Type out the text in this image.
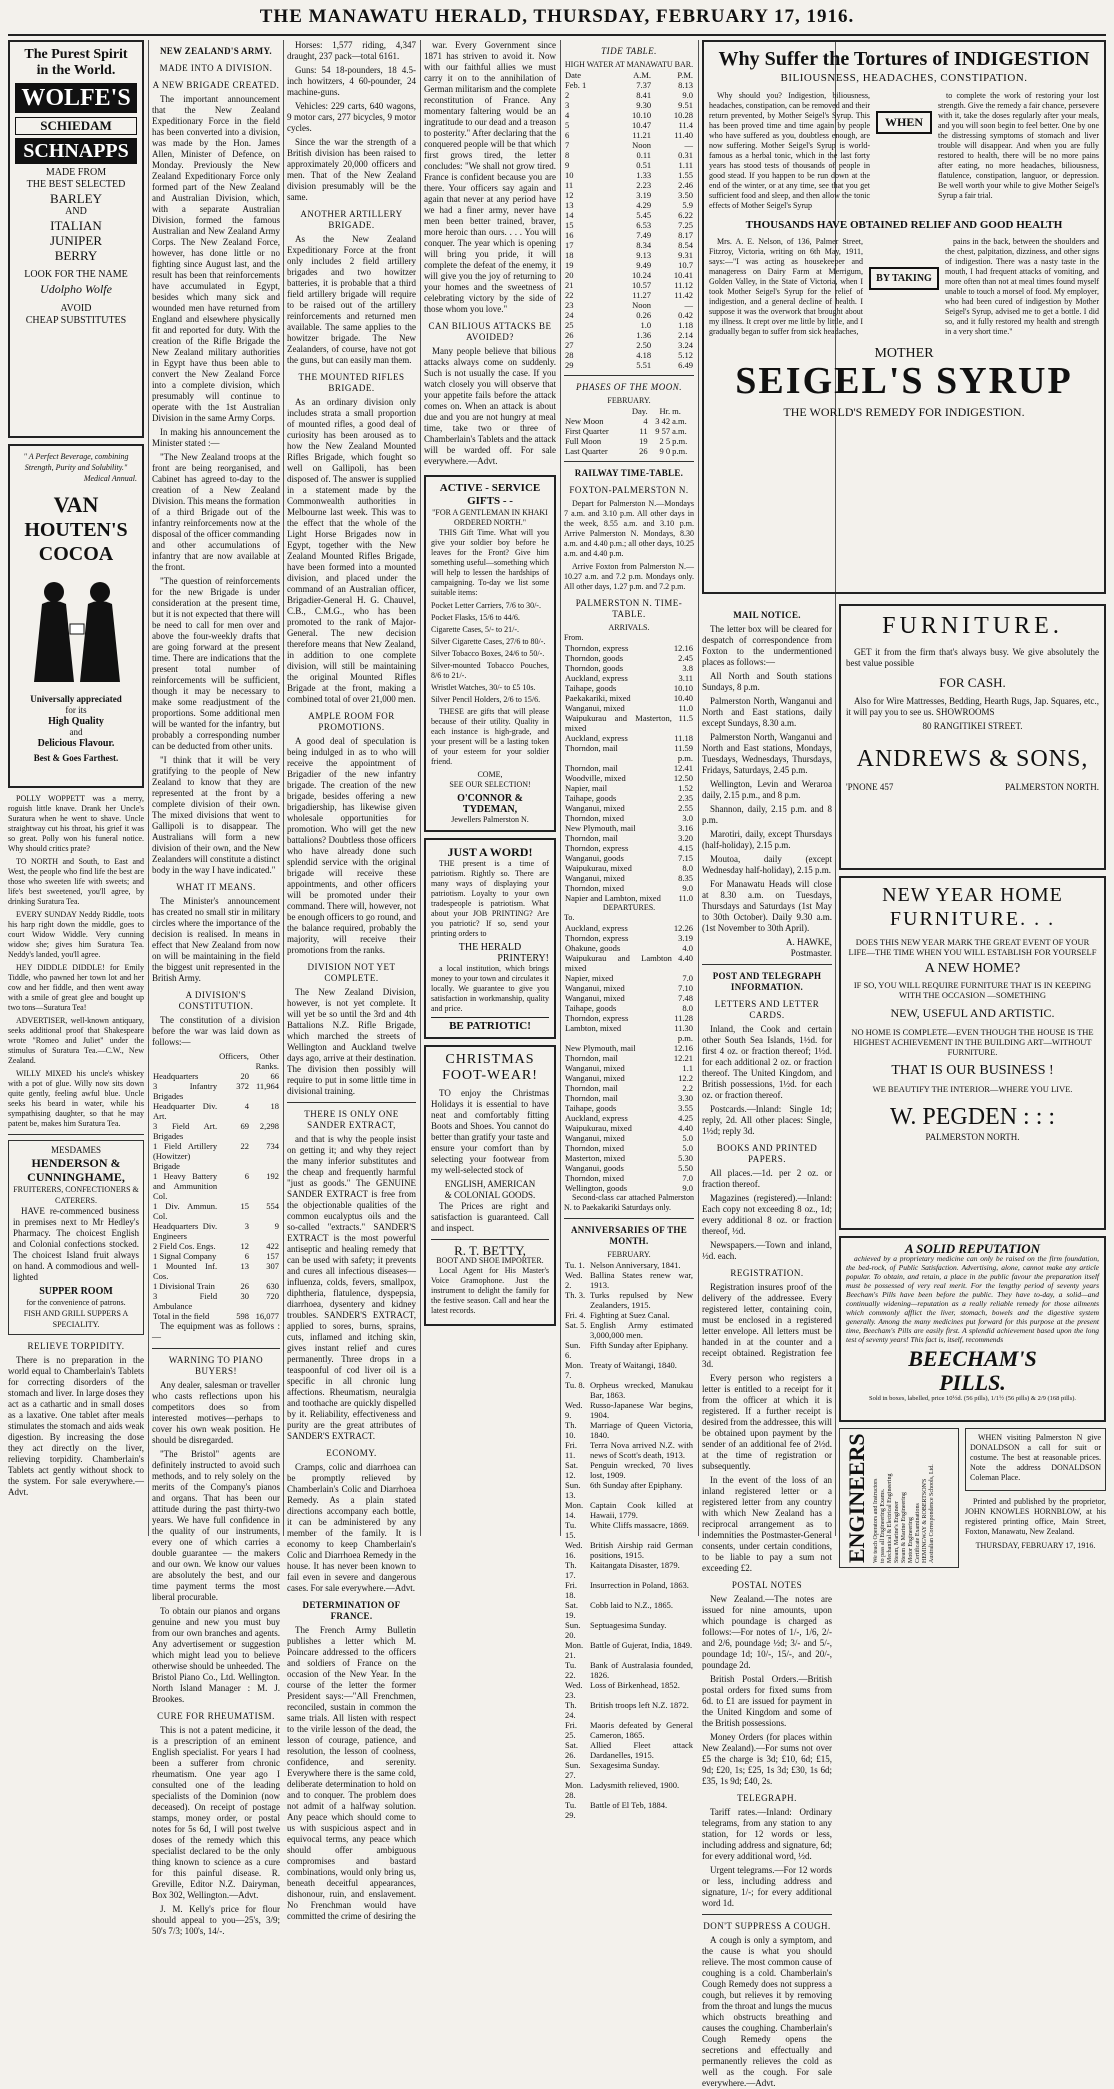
THE MANAWATU HERALD, THURSDAY, FEBRUARY 17, 1916.
The Purest Spirit
in the World.
WOLFE'S
SCHIEDAM
SCHNAPPS
MADE FROM
THE BEST SELECTED
BARLEY
AND
ITALIAN
JUNIPER
BERRY
LOOK FOR THE NAME
Udolpho Wolfe
AVOID
CHEAP SUBSTITUTES
" A Perfect Beverage, combining Strength, Purity and Solubility."
Medical Annual.
VAN
HOUTEN'S
COCOA
Universally appreciated
for its
High Quality
and
Delicious Flavour.
Best & Goes Farthest.

POLLY WOPPETT was a merry, roguish little knave. Drank her Uncle's Suratura when he went to shave. Uncle straightway cut his throat, his grief it was so great. Polly won his funeral notice. Why should critics prate?

TO NORTH and South, to East and West, the people who find life the best are those who sweeten life with sweets; and life's best sweetened, you'll agree, by drinking Suratura Tea.

EVERY SUNDAY Neddy Riddle, toots his harp right down the middle, goes to court Widow Widdle. Very cunning widow she; gives him Suratura Tea. Neddy's landed, you'll agree.

HEY DIDDLE DIDDLE! for Emily Tiddle, who pawned her town lot and her cow and her fiddle, and then went away with a smile of great glee and bought up two tons—Suratura Tea!

ADVERTISER, well-known antiquary, seeks additional proof that Shakespeare wrote "Romeo and Juliet" under the stimulus of Suratura Tea.—C.W., New Zealand.

WILLY MIXED his uncle's whiskey with a pot of glue. Willy now sits down quite gently, feeling awful blue. Uncle seeks his beard in water, while his sympathising daughter, so that he may patent be, makes him Suratura Tea.

MESDAMES
HENDERSON &
CUNNINGHAME,
FRUITERERS, CONFECTIONERS & CATERERS.

HAVE re-commenced business in premises next to Mr Hedley's Pharmacy. The choicest English and Colonial confections stocked. The choicest Island fruit always on hand. A commodious and well-lighted

SUPPER ROOM
for the convenience of patrons.
FISH AND GRILL SUPPERS A SPECIALITY.
RELIEVE TORPIDITY.

There is no preparation in the world equal to Chamberlain's Tablets for correcting disorders of the stomach and liver. In large doses they act as a cathartic and in small doses as a laxative. One tablet after meals stimulates the stomach and aids weak digestion. By increasing the dose they act directly on the liver, relieving torpidity. Chamberlain's Tablets act gently without shock to the system. For sale everywhere.—Advt.

NEW ZEALAND'S ARMY.
MADE INTO A DIVISION.
A NEW BRIGADE CREATED.

The important announcement that the New Zealand Expeditionary Force in the field has been converted into a division, was made by the Hon. James Allen, Minister of Defence, on Monday. Previously the New Zealand Expeditionary Force only formed part of the New Zealand and Australian Division, which, with a separate Australian Division, formed the famous Australian and New Zealand Army Corps. The New Zealand Force, however, has done little or no fighting since August last, and the result has been that reinforcements have accumulated in Egypt, besides which many sick and wounded men have returned from England and elsewhere physically fit and reported for duty. With the creation of the Rifle Brigade the New Zealand military authorities in Egypt have thus been able to convert the New Zealand Force into a complete division, which presumably will continue to operate with the 1st Australian Division in the same Army Corps.

In making his announcement the Minister stated :—

"The New Zealand troops at the front are being reorganised, and Cabinet has agreed to-day to the creation of a New Zealand Division. This means the formation of a third Brigade out of the infantry reinforcements now at the disposal of the officer commanding and other accumulations of infantry that are now available at the front.

"The question of reinforcements for the new Brigade is under consideration at the present time, but it is not expected that there will be need to call for men over and above the four-weekly drafts that are going forward at the present time. There are indications that the present total number of reinforcements will be sufficient, though it may be necessary to make some readjustment of the proportions. Some additional men will be wanted for the infantry, but probably a corresponding number can be deducted from other units.

"I think that it will be very gratifying to the people of New Zealand to know that they are represented at the front by a complete division of their own. The mixed divisions that went to Gallipoli is to disappear. The Australians will form a new division of their own, and the New Zealanders will constitute a distinct body in the way I have indicated."

WHAT IT MEANS.

The Minister's announcement has created no small stir in military circles where the importance of the decision is realised. In means in effect that New Zealand from now on will be maintaining in the field the biggest unit represented in the British Army.

A DIVISION'S CONSTITUTION.

The constitution of a division before the war was laid down as follows:—

	Officers,	Other Ranks.
Headquarters	20	66
3 Infantry Brigades	372	11,964
Headquarter Div. Art.	4	18
3 Field Art. Brigades	69	2,298
1 Field Artillery (Howitzer) Brigade	22	734
1 Heavy Battery and Ammunition Col.	6	192
1 Div. Ammun. Col.	15	554
Headquarters Div. Engineers	3	9
2 Field Cos. Engs.	12	422
1 Signal Company	6	157
1 Mounted Inf. Cos.	13	307
1 Divisional Train	26	630
3 Field Ambulance	30	720
Total in the field	598	16,077

The equipment was as follows :—

WARNING TO PIANO BUYERS!

Any dealer, salesman or traveller who casts reflections upon his competitors does so from interested motives—perhaps to cover his own weak position. He should be disregarded.

"The Bristol" agents are definitely instructed to avoid such methods, and to rely solely on the merits of the Company's pianos and organs. That has been our attitude during the past thirty-two years. We have full confidence in the quality of our instruments, every one of which carries a double guarantee — the makers and our own. We know our values are absolutely the best, and our time payment terms the most liberal procurable.

To obtain our pianos and organs genuine and new you must buy from our own branches and agents. Any advertisement or suggestion which might lead you to believe otherwise should be unheeded. The Bristol Piano Co., Ltd. Wellington. North Island Manager : M. J. Brookes.

CURE FOR RHEUMATISM.

This is not a patent medicine, it is a prescription of an eminent English specialist. For years I had been a sufferer from chronic rheumatism. One year ago I consulted one of the leading specialists of the Dominion (now deceased). On receipt of postage stamps, money order, or postal notes for 5s 6d, I will post twelve doses of the remedy which this specialist declared to be the only thing known to science as a cure for this painful disease. R. Greville, Editor N.Z. Dairyman, Box 302, Wellington.—Advt.

J. M. Kelly's price for flour should appeal to you—25's, 3/9; 50's 7/3; 100's, 14/-.

Horses: 1,577 riding, 4,347 draught, 237 pack—total 6161.

Guns: 54 18-pounders, 18 4.5-inch howitzers, 4 60-pounder, 24 machine-guns.

Vehicles: 229 carts, 640 wagons, 9 motor cars, 277 bicycles, 9 motor cycles.

Since the war the strength of a British division has been raised to approximately 20,000 officers and men. That of the New Zealand division presumably will be the same.

ANOTHER ARTILLERY BRIGADE.

As the New Zealand Expeditionary Force at the front only includes 2 field artillery brigades and two howitzer batteries, it is probable that a third field artillery brigade will require to be raised out of the artillery reinforcements and returned men available. The same applies to the howitzer brigade. The New Zealanders, of course, have not got the guns, but can easily man them.

THE MOUNTED RIFLES BRIGADE.

As an ordinary division only includes strata a small proportion of mounted rifles, a good deal of curiosity has been aroused as to how the New Zealand Mounted Rifles Brigade, which fought so well on Gallipoli, has been disposed of. The answer is supplied in a statement made by the Commonwealth authorities in Melbourne last week. This was to the effect that the whole of the Light Horse Brigades now in Egypt, together with the New Zealand Mounted Rifles Brigade, have been formed into a mounted division, and placed under the command of an Australian officer, Brigadier-General H. G. Chauvel, C.B., C.M.G., who has been promoted to the rank of Major-General. The new decision therefore means that New Zealand, in addition to one complete division, will still be maintaining the original Mounted Rifles Brigade at the front, making a combined total of over 21,000 men.

AMPLE ROOM FOR PROMOTIONS.

A good deal of speculation is being indulged in as to who will receive the appointment of Brigadier of the new infantry brigade. The creation of the new brigade, besides offering a new brigadiership, has likewise given wholesale opportunities for promotion. Who will get the new battalions? Doubtless those officers who have already done such splendid service with the original brigade will receive these appointments, and other officers will be promoted under their command. There will, however, not be enough officers to go round, and the balance required, probably the majority, will receive their promotions from the ranks.

DIVISION NOT YET COMPLETE.

The New Zealand Division, however, is not yet complete. It will yet be so until the 3rd and 4th Battalions N.Z. Rifle Brigade, which marched the streets of Wellington and Auckland twelve days ago, arrive at their destination. The division then possibly will require to put in some little time in divisional training.

THERE IS ONLY ONE SANDER EXTRACT,

and that is why the people insist on getting it; and why they reject the many inferior substitutes and the cheap and frequently harmful "just as goods." The GENUINE SANDER EXTRACT is free from the objectionable qualities of the common eucalyptus oils and the so-called "extracts." SANDER'S EXTRACT is the most powerful antiseptic and healing remedy that can be used with safety; it prevents and cures all infectious diseases—influenza, colds, fevers, smallpox, diphtheria, flatulence, dyspepsia, diarrhoea, dysentery and kidney troubles. SANDER'S EXTRACT, applied to sores, burns, sprains, cuts, inflamed and itching skin, gives instant relief and cures permanently. Three drops in a teaspoonful of cod liver oil is a specific in all chronic lung affections. Rheumatism, neuralgia and toothache are quickly dispelled by it. Reliability, effectiveness and purity are the great attributes of SANDER'S EXTRACT.

ECONOMY.

Cramps, colic and diarrhoea can be promptly relieved by Chamberlain's Colic and Diarrhoea Remedy. As a plain stated directions accompany each bottle, it can be administered by any member of the family. It is economy to keep Chamberlain's Colic and Diarrhoea Remedy in the house. It has never been known to fail even in severe and dangerous cases. For sale everywhere.—Advt.

DETERMINATION OF FRANCE.

The French Army Bulletin publishes a letter which M. Poincare addressed to the officers and soldiers of France on the occasion of the New Year. In the course of the letter the former President says:—"All Frenchmen, reconciled, sustain in common the same trials. All listen with respect to the virile lesson of the dead, the lesson of courage, patience, and resolution, the lesson of coolness, confidence, and serenity. Everywhere there is the same cold, deliberate determination to hold on and to conquer. The problem does not admit of a halfway solution. Any peace which should come to us with suspicious aspect and in equivocal terms, any peace which should offer ambiguous compromises and bastard combinations, would only bring us, beneath deceitful appearances, dishonour, ruin, and enslavement. No Frenchman would have committed the crime of desiring the

war. Every Government since 1871 has striven to avoid it. Now with our faithful allies we must carry it on to the annihilation of German militarism and the complete reconstitution of France. Any momentary faltering would be an ingratitude to our dead and a treason to posterity." After declaring that the conquered people will be that which first grows tired, the letter concludes: "We shall not grow tired. France is confident because you are there. Your officers say again and again that never at any period have we had a finer army, never have men been better trained, braver, more heroic than ours. . . . You will conquer. The year which is opening will bring you pride, it will complete the defeat of the enemy, it will give you the joy of returning to your homes and the sweetness of celebrating victory by the side of those whom you love."

CAN BILIOUS ATTACKS BE AVOIDED?

Many people believe that bilious attacks always come on suddenly. Such is not usually the case. If you watch closely you will observe that your appetite fails before the attack comes on. When an attack is about due and you are not hungry at meal time, take two or three of Chamberlain's Tablets and the attack will be warded off. For sale everywhere.—Advt.

ACTIVE - SERVICE GIFTS - -
"FOR A GENTLEMAN IN KHAKI ORDERED NORTH."

THIS Gift Time. What will you give your soldier boy before he leaves for the Front? Give him something useful—something which will help to lessen the hardships of campaigning. To-day we list some suitable items:

Pocket Letter Carriers, 7/6 to 30/-.
Pocket Flasks, 15/6 to 44/6.
Cigarette Cases, 5/- to 21/-.
Silver Cigarette Cases, 27/6 to 80/-.
Silver Tobacco Boxes, 24/6 to 50/-.
Silver-mounted Tobacco Pouches, 8/6 to 21/-.
Wristlet Watches, 30/- to £5 10s.
Silver Pencil Holders, 2/6 to 15/6.

THESE are gifts that will please because of their utility. Quality in each instance is high-grade, and your present will be a lasting token of your esteem for your soldier friend.

COME,
SEE OUR SELECTION!
O'CONNOR & TYDEMAN,
Jewellers Palmerston N.
JUST A WORD!

THE present is a time of patriotism. Rightly so. There are many ways of displaying your patriotism. Loyalty to your own tradespeople is patriotism. What about your JOB PRINTING? Are you patriotic? If so, send your printing orders to

THE HERALD
PRINTERY!

a local institution, which brings money to your town and circulates it locally. We guarantee to give you satisfaction in workmanship, quality and price.

BE PATRIOTIC!
CHRISTMAS
FOOT-WEAR!

TO enjoy the Christmas Holidays it is essential to have neat and comfortably fitting Boots and Shoes. You cannot do better than gratify your taste and ensure your comfort than by selecting your footwear from my well-selected stock of

ENGLISH, AMERICAN
& COLONIAL GOODS.

The Prices are right and satisfaction is guaranteed. Call and inspect.

R. T. BETTY,
BOOT AND SHOE IMPORTER.

Local Agent for His Master's Voice Gramophone. Just the instrument to delight the family for the festive season. Call and hear the latest records.

TIDE TABLE.
HIGH WATER AT MANAWATU BAR.
Date	A.M.	P.M.
Feb. 1	7.37	8.13
2	8.41	9.0
3	9.30	9.51
4	10.10	10.28
5	10.47	11.4
6	11.21	11.40
7	Noon	—
8	0.11	0.31
9	0.51	1.11
10	1.33	1.55
11	2.23	2.46
12	3.19	3.50
13	4.29	5.9
14	5.45	6.22
15	6.53	7.25
16	7.49	8.17
17	8.34	8.54
18	9.13	9.31
19	9.49	10.7
20	10.24	10.41
21	10.57	11.12
22	11.27	11.42
23	Noon	—
24	0.26	0.42
25	1.0	1.18
26	1.36	2.14
27	2.50	3.24
28	4.18	5.12
29	5.51	6.49
PHASES OF THE MOON.
FEBRUARY.
	Day.	Hr.	m.
New Moon	4	3 42	a.m.
First Quarter	11	9 57	a.m.
Full Moon	19	2 5	p.m.
Last Quarter	26	9 0	p.m.
RAILWAY TIME-TABLE.
FOXTON-PALMERSTON N.

Depart for Palmerston N.—Mondays 7 a.m. and 3.10 p.m. All other days in the week, 8.55 a.m. and 3.10 p.m. Arrive Palmerston N. Mondays, 8.30 a.m. and 4.40 p.m.; all other days, 10.25 a.m. and 4.40 p.m.

Arrive Foxton from Palmerston N.—10.27 a.m. and 7.2 p.m. Mondays only. All other days, 1.27 p.m. and 7.2 p.m.

PALMERSTON N. TIME-TABLE.
ARRIVALS.
From.
Thorndon, express	12.16
Thorndon, goods	2.45
Thorndon, goods	3.8
Auckland, express	3.11
Taihape, goods	10.10
Paekakariki, mixed	10.40
Wanganui, mixed	11.0
Waipukurau and Masterton, mixed	11.5
Auckland, express	11.18
Thorndon, mail	11.59
	p.m.
Thorndon, mail	12.41
Woodville, mixed	12.50
Napier, mail	1.52
Taihape, goods	2.35
Wanganui, mixed	2.55
Thorndon, mixed	3.0
New Plymouth, mail	3.16
Thorndon, mail	3.20
Thorndon, express	4.15
Wanganui, goods	7.15
Waipukurau, mixed	8.0
Wanganui, mixed	8.35
Thorndon, mixed	9.0
Napier and Lambton, mixed	11.0
DEPARTURES.
To.
Auckland, express	12.26
Thorndon, express	3.19
Ohakune, goods	4.0
Waipukurau and Lambton mixed	4.40
Napier, mixed	7.0
Wanganui, mixed	7.10
Wanganui, mixed	7.48
Taihape, goods	8.0
Thorndon, express	11.28
Lambton, mixed	11.30
	p.m.
New Plymouth, mail	12.16
Thorndon, mail	12.21
Wanganui, mixed	1.1
Wanganui, mixed	12.2
Thorndon, mail	2.2
Thorndon, mail	3.30
Taihape, goods	3.55
Auckland, express	4.25
Waipukurau, mixed	4.40
Wanganui, mixed	5.0
Thorndon, mixed	5.0
Masterton, mixed	5.30
Wanganui, goods	5.50
Thorndon, mixed	7.0
Wellington, goods	9.0

Second-class car attached Palmerston N. to Paekakariki Saturdays only.

ANNIVERSARIES OF THE MONTH.
FEBRUARY.
Tu. 1.	Nelson Anniversary, 1841.
Wed. 2.	Ballina States renew war, 1913.
Th. 3.	Turks repulsed by New Zealanders, 1915.
Fri. 4.	Fighting at Suez Canal.
Sat. 5.	English Army estimated 3,000,000 men.
Sun. 6.	Fifth Sunday after Epiphany.
Mon. 7.	Treaty of Waitangi, 1840.
Tu. 8.	Orpheus wrecked, Manukau Bar, 1863.
Wed. 9.	Russo-Japanese War begins, 1904.
Th. 10.	Marriage of Queen Victoria, 1840.
Fri. 11.	Terra Nova arrived N.Z. with news of Scott's death, 1913.
Sat. 12.	Penguin wrecked, 70 lives lost, 1909.
Sun. 13.	6th Sunday after Epiphany.
Mon. 14.	Captain Cook killed at Hawaii, 1779.
Tu. 15.	White Cliffs massacre, 1869.
Wed. 16.	British Airship raid German positions, 1915.
Th. 17.	Kaitangata Disaster, 1879.
Fri. 18.	Insurrection in Poland, 1863.
Sat. 19.	Cobb laid to N.Z., 1865.
Sun. 20.	Septuagesima Sunday.
Mon. 21.	Battle of Gujerat, India, 1849.
Tu. 22.	Bank of Australasia founded, 1826.
Wed. 23.	Loss of Birkenhead, 1852.
Th. 24.	British troops left N.Z. 1872.
Fri. 25.	Maoris defeated by General Cameron, 1865.
Sat. 26.	Allied Fleet attack Dardanelles, 1915.
Sun. 27.	Sexagesima Sunday.
Mon. 28.	Ladysmith relieved, 1900.
Tu. 29.	Battle of El Teb, 1884.
Why Suffer the Tortures of INDIGESTION
BILIOUSNESS, HEADACHES, CONSTIPATION.

Why should you? Indigestion, biliousness, headaches, constipation, can be removed and their return prevented, by Mother Seigel's Syrup. This has been proved time and time again by people who have suffered as you, doubtless enough, are now suffering. Mother Seigel's Syrup is world-famous as a herbal tonic, which in the last forty years has stood tests of thousands of people in good stead. If you happen to be run down at the end of the winter, or at any time, see that you get sufficient food and sleep, and then allow the tonic effects of Mother Seigel's Syrup

WHEN

to complete the work of restoring your lost strength. Give the remedy a fair chance, persevere with it, take the doses regularly after your meals, and you will soon begin to feel better. One by one the distressing symptoms of stomach and liver trouble will disappear. And when you are fully restored to health, there will be no more pains after eating, no more headaches, biliousness, flatulence, constipation, languor, or depression. Be well worth your while to give Mother Seigel's Syrup a fair trial.

THOUSANDS HAVE OBTAINED RELIEF AND GOOD HEALTH

Mrs. A. E. Nelson, of 136, Palmer Street, Fitzroy, Victoria, writing on 6th May, 1911, says:—"I was acting as housekeeper and manageress on Dairy Farm at Merrigum, Golden Valley, in the State of Victoria, when I took Mother Seigel's Syrup for the relief of indigestion, and a general decline of health. I suppose it was the overwork that brought about my illness. It crept over me little by little, and I gradually began to suffer from sick headaches,

BY TAKING

pains in the back, between the shoulders and the chest, palpitation, dizziness, and other signs of indigestion. There was a nasty taste in the mouth, I had frequent attacks of vomiting, and more often than not at meal times found myself unable to touch a morsel of food. My employer, who had been cured of indigestion by Mother Seigel's Syrup, advised me to get a bottle. I did so, and it fully restored my health and strength in a very short time."

MOTHER
SEIGEL'S SYRUP
THE WORLD'S REMEDY FOR INDIGESTION.
MAIL NOTICE.

The letter box will be cleared for despatch of correspondence from Foxton to the undermentioned places as follows:—

All North and South stations Sundays, 8 p.m.

Palmerston North, Wanganui and North and East stations, daily except Sundays, 8.30 a.m.

Palmerston North, Wanganui and North and East stations, Mondays, Tuesdays, Wednesdays, Thursdays, Fridays, Saturdays, 2.45 p.m.

Wellington, Levin and Weraroa daily, 2.15 p.m., and 8 p.m.

Shannon, daily, 2.15 p.m. and 8 p.m.

Marotiri, daily, except Thursdays (half-holiday), 2.15 p.m.

Moutoa, daily (except Wednesday half-holiday), 2.15 p.m.

For Manawatu Heads will close at 8.30 a.m. on Tuesdays, Thursdays and Saturdays (1st May to 30th October). Daily 9.30 a.m. (1st November to 30th April).

A. HAWKE,
Postmaster.
POST AND TELEGRAPH INFORMATION.
LETTERS AND LETTER CARDS.

Inland, the Cook and certain other South Sea Islands, 1½d. for first 4 oz. or fraction thereof; 1½d. for each additional 2 oz. or fraction thereof. The United Kingdom, and British possessions, 1½d. for each oz. or fraction thereof.

Postcards.—Inland: Single 1d; reply, 2d. All other places: Single, 1½d; reply 3d.

BOOKS AND PRINTED PAPERS.

All places.—1d. per 2 oz. or fraction thereof.

Magazines (registered).—Inland: Each copy not exceeding 8 oz., 1d; every additional 8 oz. or fraction thereof, ½d.

Newspapers.—Town and inland, ½d. each.

REGISTRATION.

Registration insures proof of the delivery of the addressee. Every registered letter, containing coin, must be enclosed in a registered letter envelope. All letters must be handed in at the counter and a receipt obtained. Registration fee 3d.

Every person who registers a letter is entitled to a receipt for it from the officer at which it is registered. If a further receipt is desired from the addressee, this will be obtained upon payment by the sender of an additional fee of 2½d. at the time of registration or subsequently.

In the event of the loss of an inland registered letter or a registered letter from any country with which New Zealand has a reciprocal arrangement as to indemnities the Postmaster-General consents, under certain conditions, to be liable to pay a sum not exceeding £2.

POSTAL NOTES

New Zealand.—The notes are issued for nine amounts, upon which poundage is charged as follows:—For notes of 1/-, 1/6, 2/- and 2/6, poundage ½d; 3/- and 5/-, poundage 1d; 10/-, 15/-, and 20/-, poundage 2d.

British Postal Orders.—British postal orders for fixed sums from 6d. to £1 are issued for payment in the United Kingdom and some of the British possessions.

Money Orders (for places within New Zealand).—For sums not over £5 the charge is 3d; £10, 6d; £15, 9d; £20, 1s; £25, 1s 3d; £30, 1s 6d; £35, 1s 9d; £40, 2s.

TELEGRAPH.

Tariff rates.—Inland: Ordinary telegrams, from any station to any station, for 12 words or less, including address and signature, 6d; for every additional word, ½d.

Urgent telegrams.—For 12 words or less, including address and signature, 1/-; for every additional word 1d.

DON'T SUPPRESS A COUGH.

A cough is only a symptom, and the cause is what you should relieve. The most common cause of coughing is a cold. Chamberlain's Cough Remedy does not suppress a cough, but relieves it by removing from the throat and lungs the mucus which obstructs breathing and causes the coughing. Chamberlain's Cough Remedy opens the secretions and effectually and permanently relieves the cold as well as the cough. For sale everywhere.—Advt.

FURNITURE.

GET it from the firm that's always busy. We give absolutely the best value possible

FOR CASH.

Also for Wire Mattresses, Bedding, Hearth Rugs, Jap. Squares, etc., it will pay you to see us. SHOWROOMS

80 RANGITIKEI STREET.
ANDREWS & SONS,
'PNONE 457	PALMERSTON NORTH.
NEW YEAR HOME
FURNITURE. . .
DOES THIS NEW YEAR MARK THE GREAT EVENT OF YOUR LIFE—THE TIME WHEN YOU WILL ESTABLISH FOR YOURSELF
A NEW HOME?
IF SO, YOU WILL REQUIRE FURNITURE THAT IS IN KEEPING WITH THE OCCASION —SOMETHING
NEW, USEFUL AND ARTISTIC.
NO HOME IS COMPLETE—EVEN THOUGH THE HOUSE IS THE HIGHEST ACHIEVEMENT IN THE BUILDING ART—WITHOUT FURNITURE.
THAT IS OUR BUSINESS !
WE BEAUTIFY THE INTERIOR—WHERE YOU LIVE.
W. PEGDEN : : :
PALMERSTON NORTH.
A SOLID REPUTATION

achieved by a proprietary medicine can only be raised on the firm foundation, the bed-rock, of Public Satisfaction. Advertising, alone, cannot make any article popular. To obtain, and retain, a place in the public favour the preparation itself must be possessed of very real merit. For the lengthy period of seventy years Beecham's Pills have been before the public. They have to-day, a solid—and continually widening—reputation as a really reliable remedy for those ailments which commonly afflict the liver, stomach, bowels and the digestive system generally. Among the many medicines put forward for this purpose at the present time, Beecham's Pills are easily first. A splendid achievement based upon the long test of seventy years! This fact is, itself, recommends

BEECHAM'S
PILLS.
Sold in boxes, labelled, price 10½d. (56 pills), 1/1½ (56 pills) & 2/9 (168 pills).
ENGINEERS We teach Operators and Instructors to pass all Engineering Exams. Mechanical & Electrical Engineering Steam, Marine's Engineer Steam & Marine Engineering Motor Engineering Certificate Examinations HEMINGWAY & ROBERTSON'S Australian Correspondence Schools, Ltd.

WHEN visiting Palmerston N give DONALDSON a call for suit or costume. The best at reasonable prices. Note the address DONALDSON Coleman Place.

Printed and published by the proprietor, JOHN KNOWLES HORNBLOW, at his registered printing office, Main Street, Foxton, Manawatu, New Zealand.

THURSDAY, FEBRUARY 17, 1916.
